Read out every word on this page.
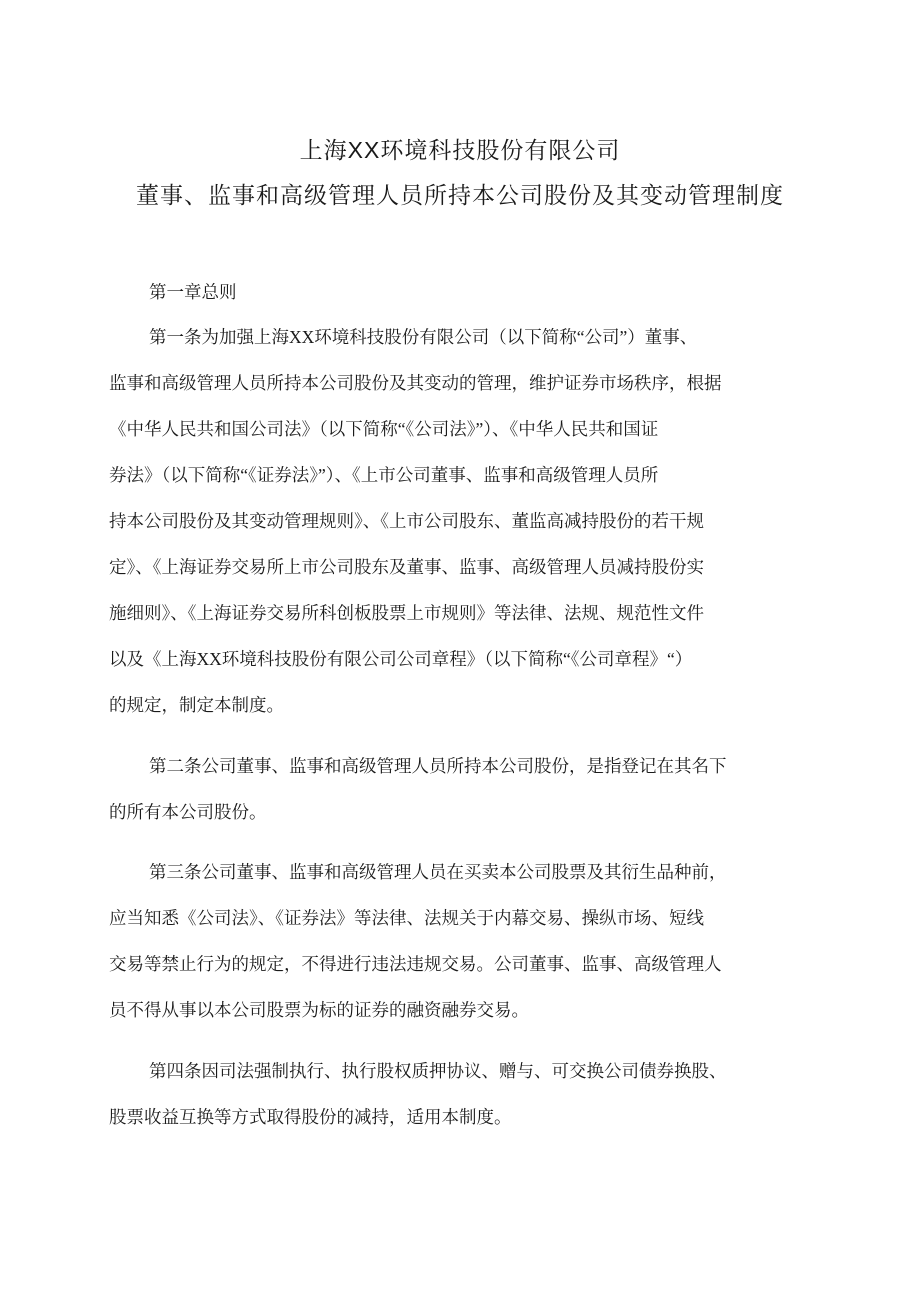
上海XX环境科技股份有限公司
董事、监事和高级管理人员所持本公司股份及其变动管理制度
第一章总则
第一条为加强上海XX环境科技股份有限公司（以下简称“公司”）董事、
监事和高级管理人员所持本公司股份及其变动的管理，维护证券市场秩序，根据
《中华人民共和国公司法》（以下简称“《公司法》”）、《中华人民共和国证
券法》（以下简称“《证券法》”）、《上市公司董事、监事和高级管理人员所
持本公司股份及其变动管理规则》、《上市公司股东、董监高减持股份的若干规
定》、《上海证券交易所上市公司股东及董事、监事、高级管理人员减持股份实
施细则》、《上海证券交易所科创板股票上市规则》等法律、法规、规范性文件
以及《上海XX环境科技股份有限公司公司章程》（以下简称“《公司章程》“）
的规定，制定本制度。
第二条公司董事、监事和高级管理人员所持本公司股份，是指登记在其名下
的所有本公司股份。
第三条公司董事、监事和高级管理人员在买卖本公司股票及其衍生品种前，
应当知悉《公司法》、《证券法》等法律、法规关于内幕交易、操纵市场、短线
交易等禁止行为的规定，不得进行违法违规交易。公司董事、监事、高级管理人
员不得从事以本公司股票为标的证券的融资融券交易。
第四条因司法强制执行、执行股权质押协议、赠与、可交换公司债券换股、
股票收益互换等方式取得股份的减持，适用本制度。
